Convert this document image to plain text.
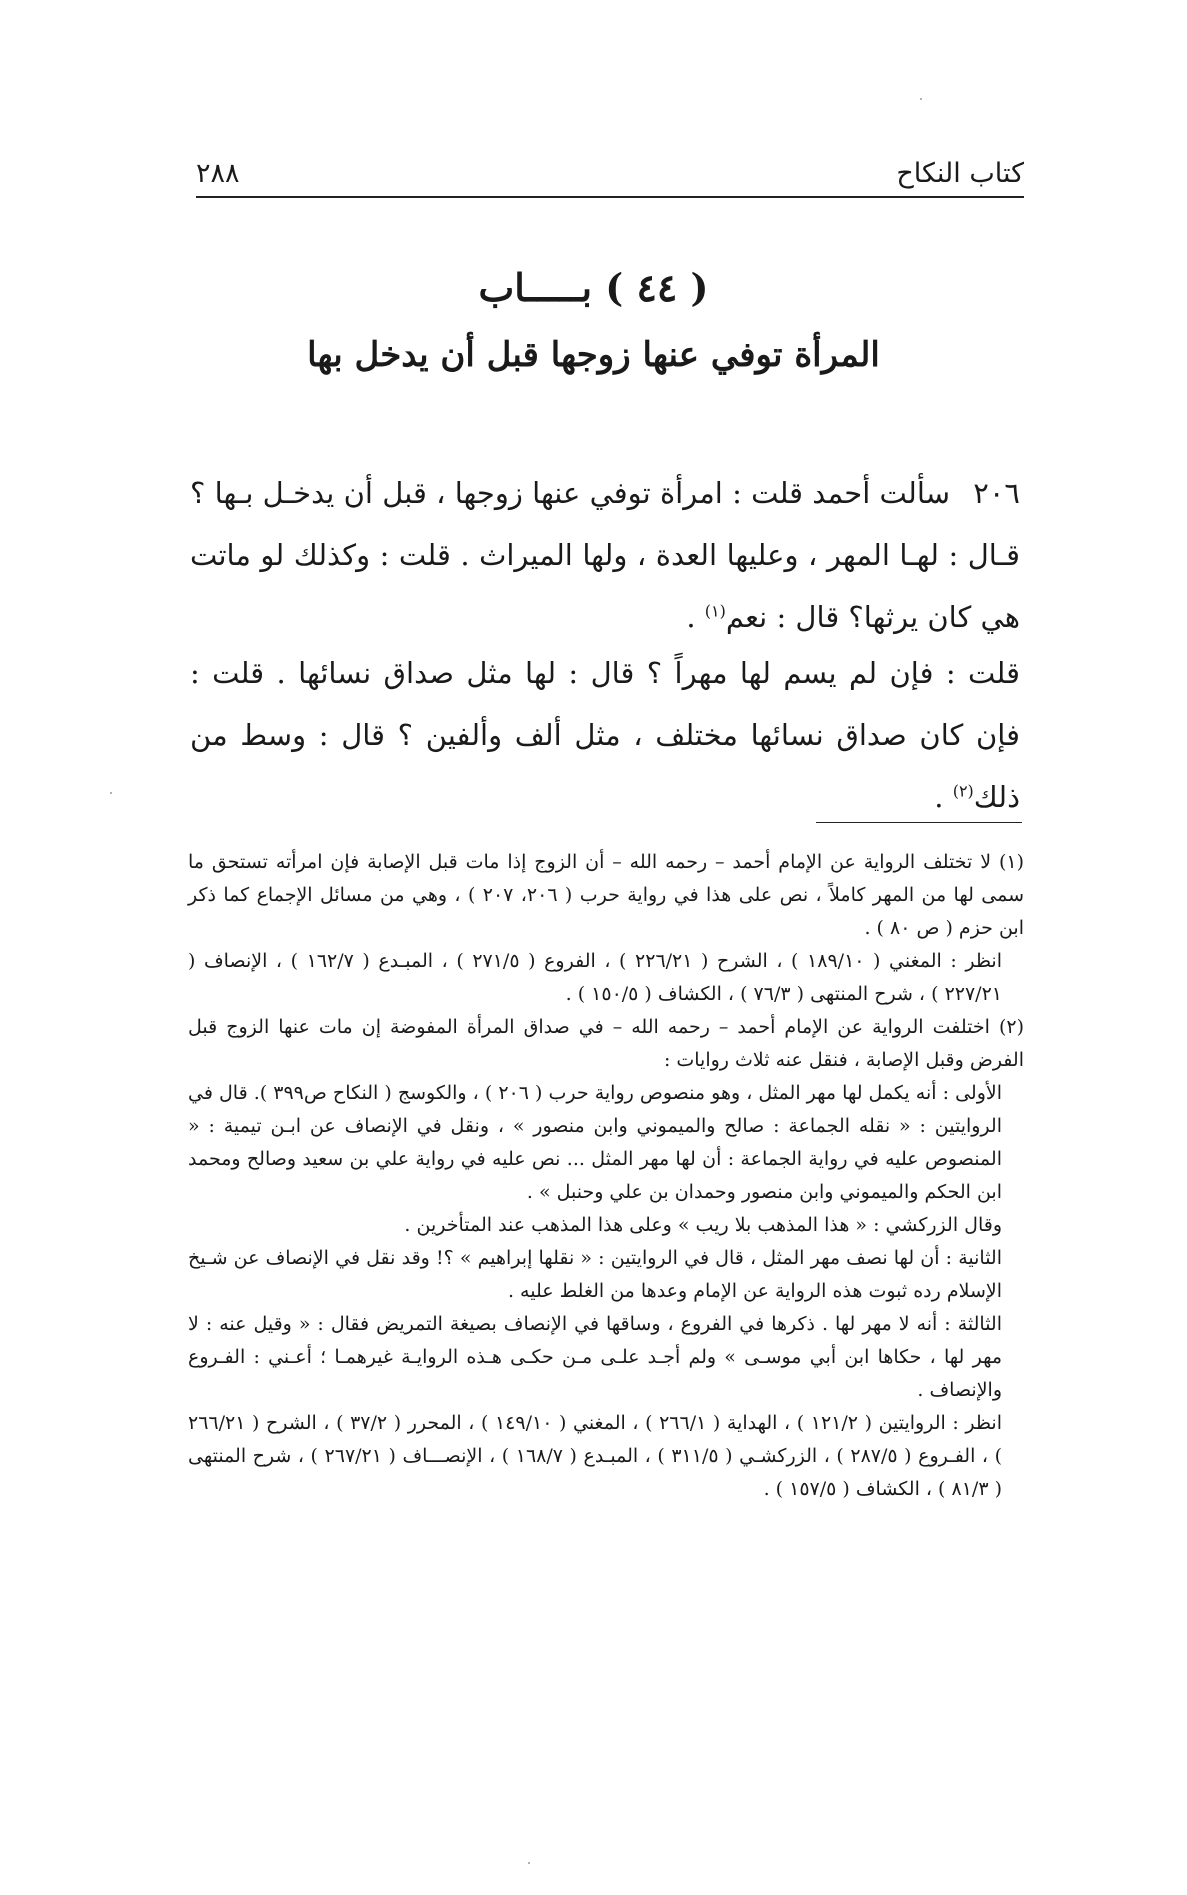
كتاب النكاح
٢٨٨
( ٤٤ ) بـــــاب
المرأة توفي عنها زوجها قبل أن يدخل بها
٢٠٦ سألت أحمد قلت : امرأة توفي عنها زوجها ، قبل أن يدخـل بـها ؟ قـال : لهـا المهر ، وعليها العدة ، ولها الميراث . قلت : وكذلك لو ماتت هي كان يرثها؟ قال : نعم$^{(١)}$ .
قلت : فإن لم يسم لها مهراً ؟ قال : لها مثل صداق نسائها . قلت : فإن كان صداق نسائها مختلف ، مثل ألف وألفين ؟ قال : وسط من ذلك$^{(٢)}$ .

(١) لا تختلف الرواية عن الإمام أحمد – رحمه الله – أن الزوج إذا مات قبل الإصابة فإن امرأته تستحق ما سمى لها من المهر كاملاً ، نص على هذا في رواية حرب ( ٢٠٦، ٢٠٧ ) ، وهي من مسائل الإجماع كما ذكر ابن حزم ( ص ٨٠ ) .

انظر : المغني ( ١٨٩/١٠ ) ، الشرح ( ٢٢٦/٢١ ) ، الفروع ( ٢٧١/٥ ) ، المبـدع ( ١٦٢/٧ ) ، الإنصاف ( ٢٢٧/٢١ ) ، شرح المنتهى ( ٧٦/٣ ) ، الكشاف ( ١٥٠/٥ ) .

(٢) اختلفت الرواية عن الإمام أحمد – رحمه الله – في صداق المرأة المفوضة إن مات عنها الزوج قبل الفرض وقبل الإصابة ، فنقل عنه ثلاث روايات :

الأولى : أنه يكمل لها مهر المثل ، وهو منصوص رواية حرب ( ٢٠٦ ) ، والكوسج ( النكاح ص٣٩٩ ). قال في الروايتين : « نقله الجماعة : صالح والميموني وابن منصور » ، ونقل في الإنصاف عن ابـن تيمية : « المنصوص عليه في رواية الجماعة : أن لها مهر المثل ... نص عليه في رواية علي بن سعيد وصالح ومحمد ابن الحكم والميموني وابن منصور وحمدان بن علي وحنبل » .

وقال الزركشي : « هذا المذهب بلا ريب » وعلى هذا المذهب عند المتأخرين .

الثانية : أن لها نصف مهر المثل ، قال في الروايتين : « نقلها إبراهيم » ؟! وقد نقل في الإنصاف عن شـيخ الإسلام رده ثبوت هذه الرواية عن الإمام وعدها من الغلط عليه .

الثالثة : أنه لا مهر لها . ذكرها في الفروع ، وساقها في الإنصاف بصيغة التمريض فقال : « وقيل عنه : لا مهر لها ، حكاها ابن أبي موسـى » ولم أجـد علـى مـن حكـى هـذه الروايـة غيرهمـا ؛ أعـني : الفـروع والإنصاف .

انظر : الروايتين ( ١٢١/٢ ) ، الهداية ( ٢٦٦/١ ) ، المغني ( ١٤٩/١٠ ) ، المحرر ( ٣٧/٢ ) ، الشرح ( ٢٦٦/٢١ ) ، الفـروع ( ٢٨٧/٥ ) ، الزركشـي ( ٣١١/٥ ) ، المبـدع ( ١٦٨/٧ ) ، الإنصـــاف ( ٢٦٧/٢١ ) ، شرح المنتهى ( ٨١/٣ ) ، الكشاف ( ١٥٧/٥ ) .
